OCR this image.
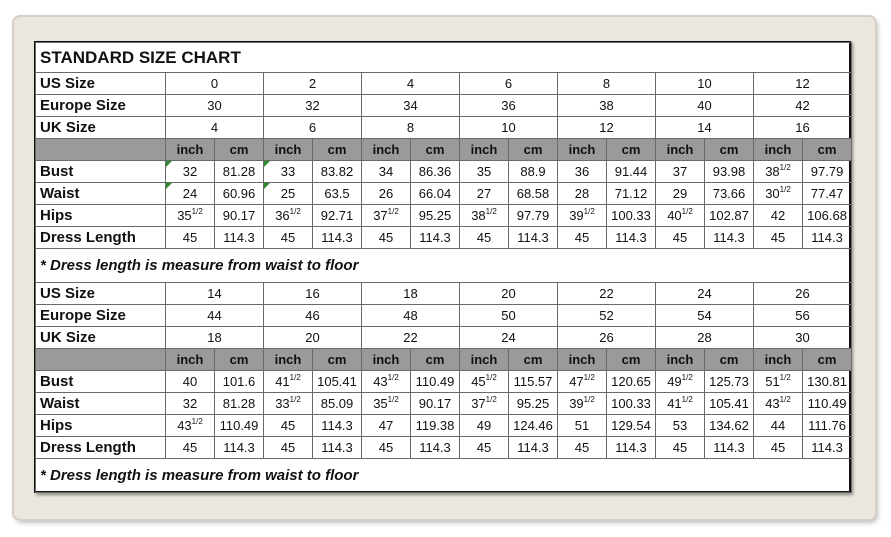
STANDARD SIZE CHART														
US Size	0		2		4		6		8		10		12	
Europe Size	30		32		34		36		38		40		42	
UK Size	4		6		8		10		12		14		16	
	inch	cm	inch	cm	inch	cm	inch	cm	inch	cm	inch	cm	inch	cm
Bust	32	81.28	33	83.82	34	86.36	35	88.9	36	91.44	37	93.98	$38^{1/2}$	97.79
Waist	24	60.96	25	63.5	26	66.04	27	68.58	28	71.12	29	73.66	$30^{1/2}$	77.47
Hips	$35^{1/2}$	90.17	$36^{1/2}$	92.71	$37^{1/2}$	95.25	$38^{1/2}$	97.79	$39^{1/2}$	100.33	$40^{1/2}$	102.87	42	106.68
Dress Length	45	114.3	45	114.3	45	114.3	45	114.3	45	114.3	45	114.3	45	114.3
* Dress length is measure from waist to floor														
US Size	14		16		18		20		22		24		26	
Europe Size	44		46		48		50		52		54		56	
UK Size	18		20		22		24		26		28		30	
	inch	cm	inch	cm	inch	cm	inch	cm	inch	cm	inch	cm	inch	cm
Bust	40	101.6	$41^{1/2}$	105.41	$43^{1/2}$	110.49	$45^{1/2}$	115.57	$47^{1/2}$	120.65	$49^{1/2}$	125.73	$51^{1/2}$	130.81
Waist	32	81.28	$33^{1/2}$	85.09	$35^{1/2}$	90.17	$37^{1/2}$	95.25	$39^{1/2}$	100.33	$41^{1/2}$	105.41	$43^{1/2}$	110.49
Hips	$43^{1/2}$	110.49	45	114.3	47	119.38	49	124.46	51	129.54	53	134.62	44	111.76
Dress Length	45	114.3	45	114.3	45	114.3	45	114.3	45	114.3	45	114.3	45	114.3
* Dress length is measure from waist to floor														
